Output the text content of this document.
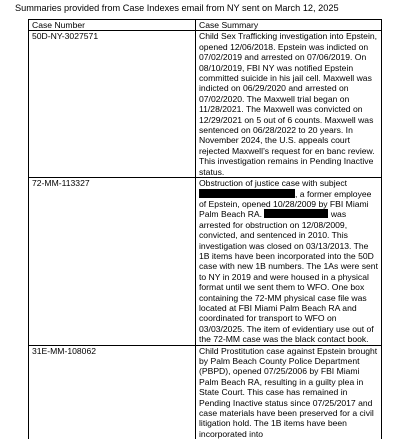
Summaries provided from Case Indexes email from NY sent on March 12, 2025
Case Number	Case Summary
50D-NY-3027571	Child Sex Trafficking investigation into Epstein, opened 12/06/2018. Epstein was indicted on 07/02/2019 and arrested on 07/06/2019. On 08/10/2019, FBI NY was notified Epstein committed suicide in his jail cell. Maxwell was indicted on 06/29/2020 and arrested on 07/02/2020. The Maxwell trial began on 11/28/2021. The Maxwell was convicted on 12/29/2021 on 5 out of 6 counts. Maxwell was sentenced on 06/28/2022 to 20 years. In November 2024, the U.S. appeals court rejected Maxwell’s request for en banc review. This investigation remains in Pending Inactive status.
72-MM-113327	Obstruction of justice case with subject , a former employee of Epstein, opened 10/28/2009 by FBI Miami Palm Beach RA. was arrested for obstruction on 12/08/2009, convicted, and sentenced in 2010. This investigation was closed on 03/13/2013. The 1B items have been incorporated into the 50D case with new 1B numbers. The 1As were sent to NY in 2019 and were housed in a physical format until we sent them to WFO. One box containing the 72-MM physical case file was located at FBI Miami Palm Beach RA and coordinated for transport to WFO on 03/03/2025. The item of evidentiary use out of the 72-MM case was the black contact book.
31E-MM-108062	Child Prostitution case against Epstein brought by Palm Beach County Police Department (PBPD), opened 07/25/2006 by FBI Miami Palm Beach RA, resulting in a guilty plea in State Court. This case has remained in Pending Inactive status since 07/25/2017 and case materials have been preserved for a civil litigation hold. The 1B items have been incorporated into
